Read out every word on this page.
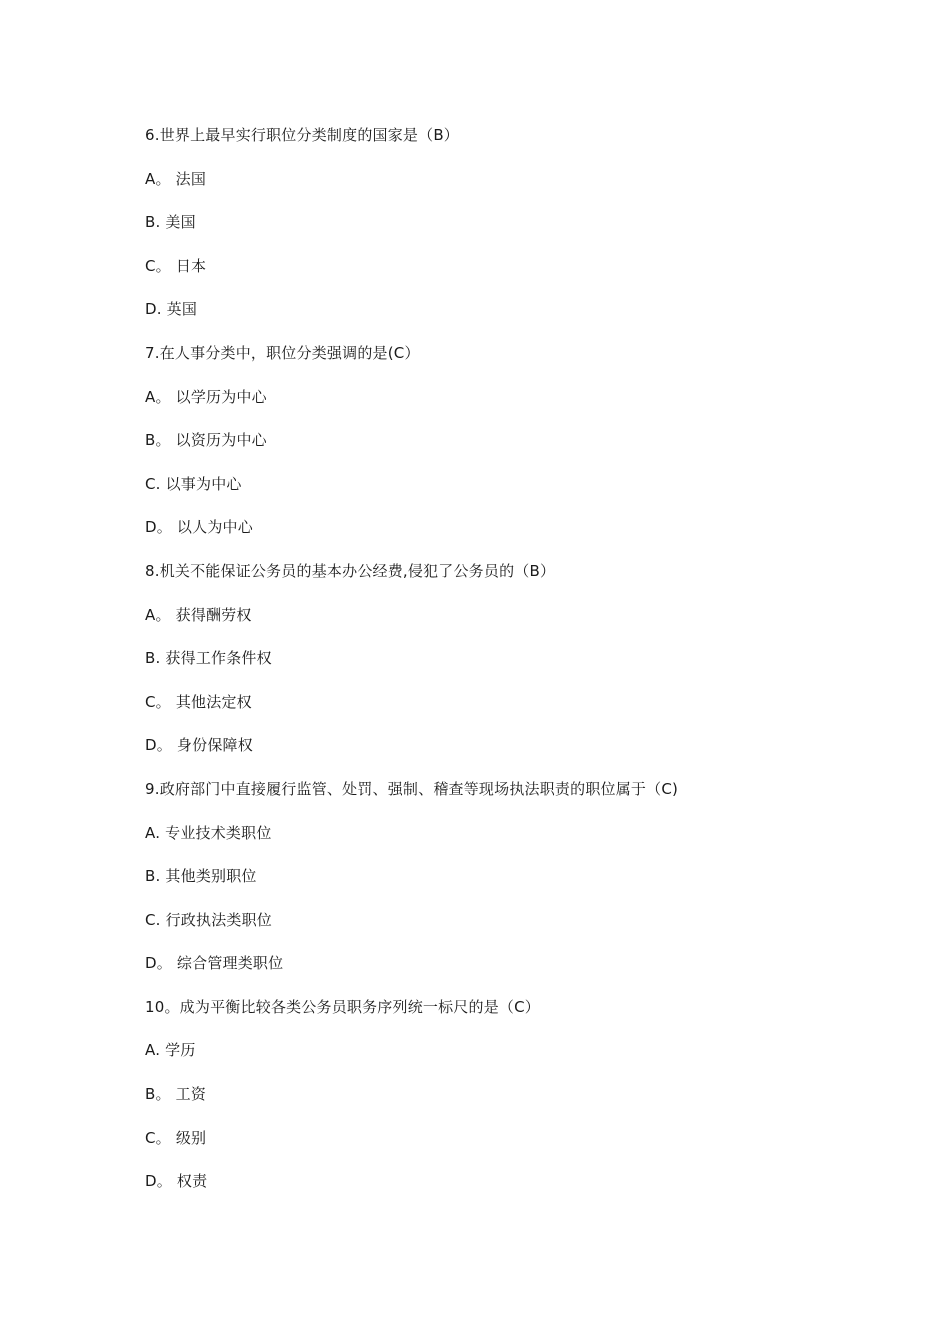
6.世界上最早实行职位分类制度的国家是（B）
A。 法国
B. 美国
C。 日本
D. 英国
7.在人事分类中，职位分类强调的是(C）
A。 以学历为中心
B。 以资历为中心
C. 以事为中心
D。 以人为中心
8.机关不能保证公务员的基本办公经费,侵犯了公务员的（B）
A。 获得酬劳权
B. 获得工作条件权
C。 其他法定权
D。 身份保障权
9.政府部门中直接履行监管、处罚、强制、稽查等现场执法职责的职位属于（C)
A. 专业技术类职位
B. 其他类别职位
C. 行政执法类职位
D。 综合管理类职位
10。成为平衡比较各类公务员职务序列统一标尺的是（C）
A. 学历
B。 工资
C。 级别
D。 权责
